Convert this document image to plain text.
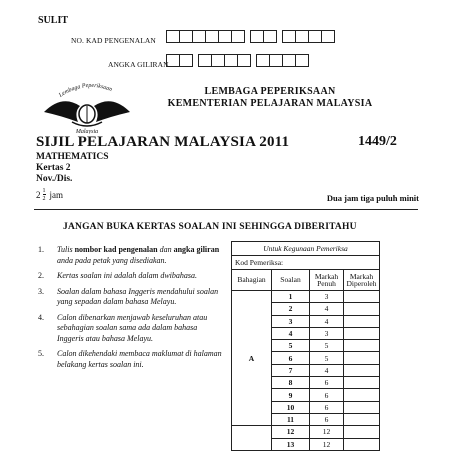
SULIT
NO. KAD PENGENALAN
ANGKA GILIRAN
Lembaga Peperiksaan
Malaysia
LEMBAGA PEPERIKSAAN
KEMENTERIAN PELAJARAN MALAYSIA
SIJIL PELAJARAN MALAYSIA 2011	1449/2
MATHEMATICS
Kertas 2
Nov./Dis.
$2 \frac{1}{2}$ jam	Dua jam tiga puluh minit
JANGAN BUKA KERTAS SOALAN INI SEHINGGA DIBERITAHU
1.	Tulis nombor kad pengenalan dan angka giliran anda pada petak yang disediakan.
2.	Kertas soalan ini adalah dalam dwibahasa.
3.	Soalan dalam bahasa Inggeris mendahului soalan yang sepadan dalam bahasa Melayu.
4.	Calon dibenarkan menjawab keseluruhan atau sebahagian soalan sama ada dalam bahasa Inggeris atau bahasa Melayu.
5.	Calon dikehendaki membaca maklumat di halaman belakang kertas soalan ini.
Untuk Kegunaan Pemeriksa			
Kod Pemeriksa:			
Bahagian	Soalan	Markah Penuh	Markah Diperoleh
A	1	3	
	2	4	
	3	4	
	4	3	
	5	5	
	6	5	
	7	4	
	8	6	
	9	6	
	10	6	
	11	6	
	12	12	
	13	12	
